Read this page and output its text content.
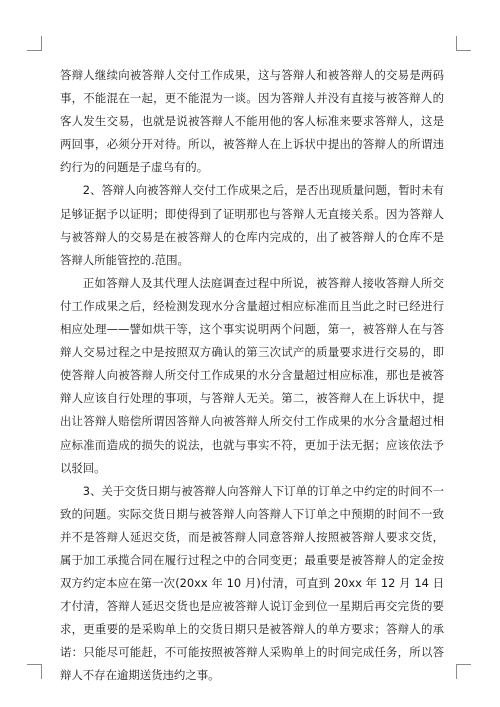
答辩人继续向被答辩人交付工作成果，这与答辩人和被答辩人的交易是两码事，不能混在一起，更不能混为一谈。因为答辩人并没有直接与被答辩人的客人发生交易，也就是说被答辩人不能用他的客人标准来要求答辩人，这是两回事，必须分开对待。所以，被答辩人在上诉状中提出的答辩人的所谓违约行为的问题是子虚乌有的。

2、答辩人向被答辩人交付工作成果之后，是否出现质量问题，暂时未有足够证据予以证明；即使得到了证明那也与答辩人无直接关系。因为答辩人与被答辩人的交易是在被答辩人的仓库内完成的，出了被答辩人的仓库不是答辩人所能管控的.范围。

正如答辩人及其代理人法庭调查过程中所说，被答辩人接收答辩人所交付工作成果之后，经检测发现水分含量超过相应标准而且当此之时已经进行相应处理——譬如烘干等，这个事实说明两个问题，第一，被答辩人在与答辩人交易过程之中是按照双方确认的第三次试产的质量要求进行交易的，即使答辩人向被答辩人所交付工作成果的水分含量超过相应标准，那也是被答辩人应该自行处理的事项，与答辩人无关。第二，被答辩人在上诉状中，提出让答辩人赔偿所谓因答辩人向被答辩人所交付工作成果的水分含量超过相应标准而造成的损失的说法，也就与事实不符，更加于法无据；应该依法予以驳回。

3、关于交货日期与被答辩人向答辩人下订单的订单之中约定的时间不一致的问题。实际交货日期与被答辩人向答辩人下订单之中预期的时间不一致并不是答辩人延迟交货，而是被答辩人同意答辩人按照被答辩人要求交货，属于加工承揽合同在履行过程之中的合同变更；最重要是被答辩人的定金按双方约定本应在第一次(20xx 年 10 月)付清，可直到 20xx 年 12 月 14 日才付清，答辩人延迟交货也是应被答辩人说订金到位一星期后再交完货的要求，更重要的是采购单上的交货日期只是被答辩人的单方要求；答辩人的承诺：只能尽可能赶，不可能按照被答辩人采购单上的时间完成任务，所以答辩人不存在逾期送货违约之事。
